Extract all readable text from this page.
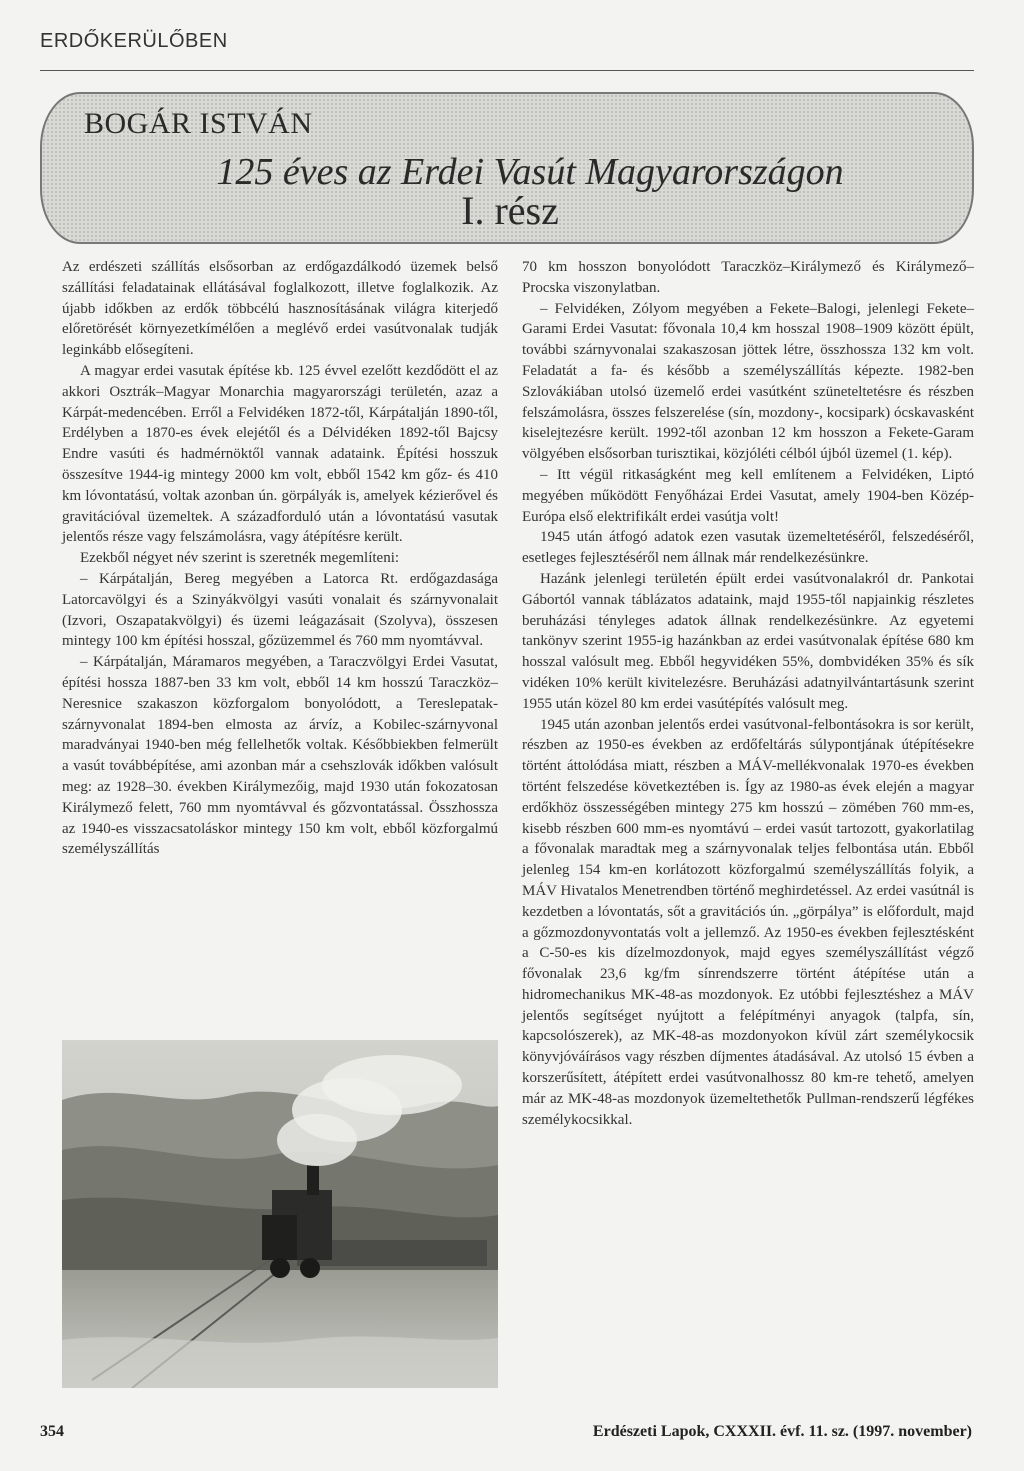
ERDŐKERÜLŐBEN
BOGÁR ISTVÁN
125 éves az Erdei Vasút Magyarországon
I. rész

Az erdészeti szállítás elsősorban az erdőgazdálkodó üzemek belső szállítási feladatainak ellátásával foglalkozott, illetve foglalkozik. Az újabb időkben az erdők többcélú hasznosításának világra kiterjedő előretörését környezetkímélően a meglévő erdei vasútvonalak tudják leginkább elősegíteni.

A magyar erdei vasutak építése kb. 125 évvel ezelőtt kezdődött el az akkori Osztrák–Magyar Monarchia magyarországi területén, azaz a Kárpát-medencében. Erről a Felvidéken 1872-től, Kárpátalján 1890-től, Erdélyben a 1870-es évek elejétől és a Délvidéken 1892-től Bajcsy Endre vasúti és hadmérnöktől vannak adataink. Építési hosszuk összesítve 1944-ig mintegy 2000 km volt, ebből 1542 km gőz- és 410 km lóvontatású, voltak azonban ún. görpályák is, amelyek kézierővel és gravitációval üzemeltek. A századforduló után a lóvontatású vasutak jelentős része vagy felszámolásra, vagy átépítésre került.

Ezekből négyet név szerint is szeretnék megemlíteni:

– Kárpátalján, Bereg megyében a Latorca Rt. erdőgazdasága Latorcavölgyi és a Szinyákvölgyi vasúti vonalait és szárnyvonalait (Izvori, Oszapatakvölgyi) és üzemi leágazásait (Szolyva), összesen mintegy 100 km építési hosszal, gőzüzemmel és 760 mm nyomtávval.

– Kárpátalján, Máramaros megyében, a Taraczvölgyi Erdei Vasutat, építési hossza 1887-ben 33 km volt, ebből 14 km hosszú Taraczköz–Neresnice szakaszon közforgalom bonyolódott, a Tereslepatak-szárnyvonalat 1894-ben elmosta az árvíz, a Kobilec-szárnyvonal maradványai 1940-ben még fellelhetők voltak. Későbbiekben felmerült a vasút továbbépítése, ami azonban már a csehszlovák időkben valósult meg: az 1928–30. években Királymezőig, majd 1930 után fokozatosan Királymező felett, 760 mm nyomtávval és gőzvontatással. Összhossza az 1940-es visszacsatoláskor mintegy 150 km volt, ebből közforgalmú személyszállítás

70 km hosszon bonyolódott Taraczköz–Királymező és Királymező–Procska viszonylatban.

– Felvidéken, Zólyom megyében a Fekete–Balogi, jelenlegi Fekete–Garami Erdei Vasutat: fővonala 10,4 km hosszal 1908–1909 között épült, további szárnyvonalai szakaszosan jöttek létre, összhossza 132 km volt. Feladatát a fa- és később a személyszállítás képezte. 1982-ben Szlovákiában utolsó üzemelő erdei vasútként szüneteltetésre és részben felszámolásra, összes felszerelése (sín, mozdony-, kocsipark) ócskavasként kiselejtezésre került. 1992-től azonban 12 km hosszon a Fekete-Garam völgyében elsősorban turisztikai, közjóléti célból újból üzemel (1. kép).

– Itt végül ritkaságként meg kell említenem a Felvidéken, Liptó megyében működött Fenyőházai Erdei Vasutat, amely 1904-ben Közép-Európa első elektrifikált erdei vasútja volt!

1945 után átfogó adatok ezen vasutak üzemeltetéséről, felszedéséről, esetleges fejlesztéséről nem állnak már rendelkezésünkre.

Hazánk jelenlegi területén épült erdei vasútvonalakról dr. Pankotai Gábortól vannak táblázatos adataink, majd 1955-től napjainkig részletes beruházási tényleges adatok állnak rendelkezésünkre. Az egyetemi tankönyv szerint 1955-ig hazánkban az erdei vasútvonalak építése 680 km hosszal valósult meg. Ebből hegyvidéken 55%, dombvidéken 35% és sík vidéken 10% került kivitelezésre. Beruházási adatnyilvántartásunk szerint 1955 után közel 80 km erdei vasútépítés valósult meg.

1945 után azonban jelentős erdei vasútvonal-felbontásokra is sor került, részben az 1950-es években az erdőfeltárás súlypontjának útépítésekre történt áttolódása miatt, részben a MÁV-mellékvonalak 1970-es években történt felszedése következtében is. Így az 1980-as évek elején a magyar erdőkhöz összességében mintegy 275 km hosszú – zömében 760 mm-es, kisebb részben 600 mm-es nyomtávú – erdei vasút tartozott, gyakorlatilag a fővonalak maradtak meg a szárnyvonalak teljes felbontása után. Ebből jelenleg 154 km-en korlátozott közforgalmú személyszállítás folyik, a MÁV Hivatalos Menetrendben történő meghirdetéssel. Az erdei vasútnál is kezdetben a lóvontatás, sőt a gravitációs ún. „görpálya” is előfordult, majd a gőzmozdonyvontatás volt a jellemző. Az 1950-es években fejlesztésként a C-50-es kis dízelmozdonyok, majd egyes személyszállítást végző fővonalak 23,6 kg/fm sínrendszerre történt átépítése után a hidromechanikus MK-48-as mozdonyok. Ez utóbbi fejlesztéshez a MÁV jelentős segítséget nyújtott a felépítményi anyagok (talpfa, sín, kapcsolószerek), az MK-48-as mozdonyokon kívül zárt személykocsik könyvjóváírásos vagy részben díjmentes átadásával. Az utolsó 15 évben a korszerűsített, átépített erdei vasútvonalhossz 80 km-re tehető, amelyen már az MK-48-as mozdonyok üzemeltethetők Pullman-rendszerű légfékes személykocsikkal.

354	Erdészeti Lapok, CXXXII. évf. 11. sz. (1997. november)
